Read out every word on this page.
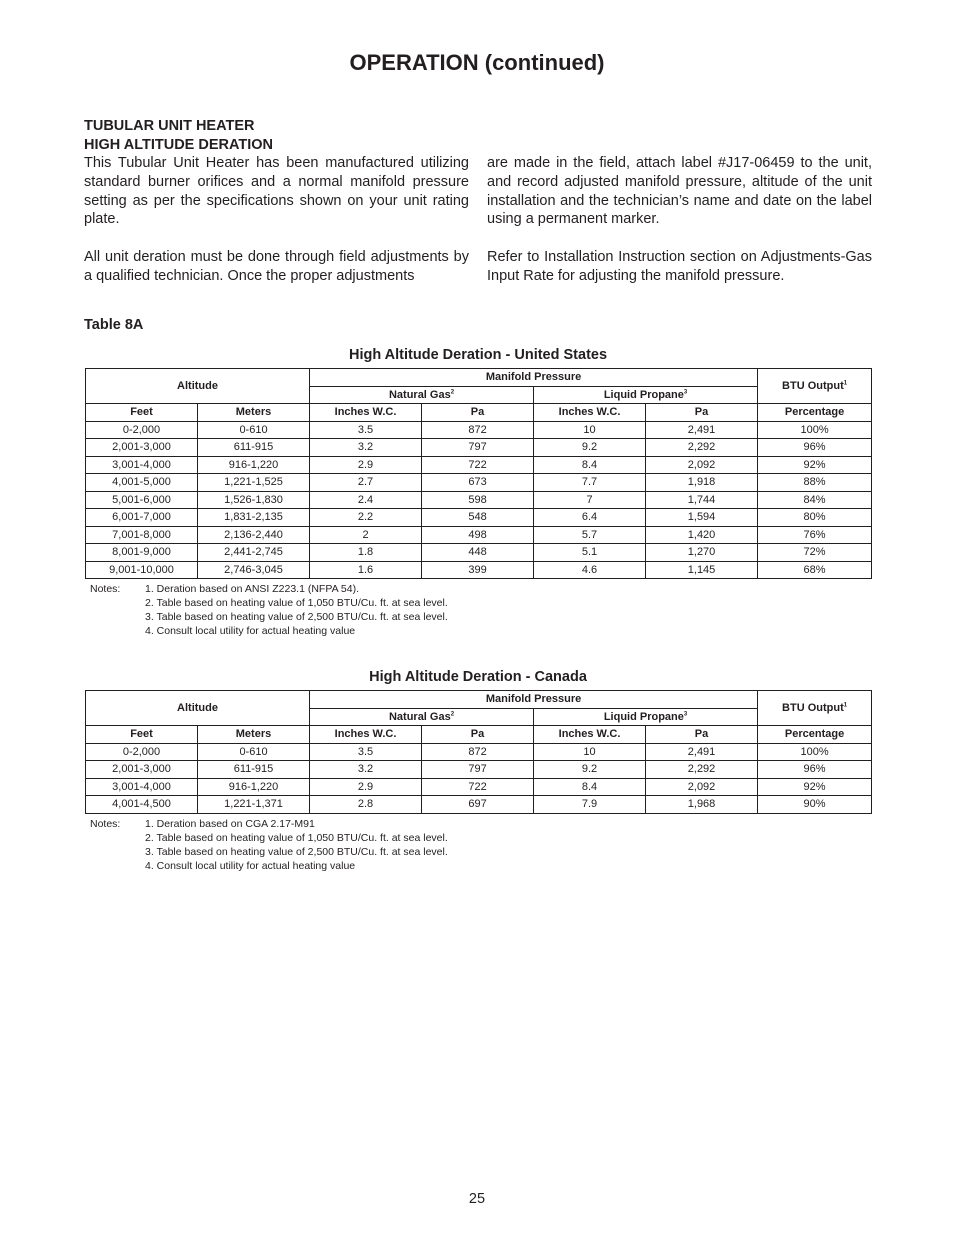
OPERATION (continued)
TUBULAR UNIT HEATER
HIGH ALTITUDE DERATION

This Tubular Unit Heater has been manufactured utilizing standard burner orifices and a normal manifold pressure setting as per the specifications shown on your unit rating plate.

All unit deration must be done through field adjustments by a qualified technician. Once the proper adjustments

are made in the field, attach label #J17-06459 to the unit, and record adjusted manifold pressure, altitude of the unit installation and the technician’s name and date on the label using a permanent marker.

Refer to Installation Instruction section on Adjustments-Gas Input Rate for adjusting the manifold pressure.

Table 8A
High Altitude Deration - United States
Altitude		Manifold Pressure				BTU Output$^1$
		Natural Gas$^2$		Liquid Propane$^3$
Feet	Meters	Inches W.C.	Pa	Inches W.C.	Pa	Percentage
0-2,000	0-610	3.5	872	10	2,491	100%
2,001-3,000	611-915	3.2	797	9.2	2,292	96%
3,001-4,000	916-1,220	2.9	722	8.4	2,092	92%
4,001-5,000	1,221-1,525	2.7	673	7.7	1,918	88%
5,001-6,000	1,526-1,830	2.4	598	7	1,744	84%
6,001-7,000	1,831-2,135	2.2	548	6.4	1,594	80%
7,001-8,000	2,136-2,440	2	498	5.7	1,420	76%
8,001-9,000	2,441-2,745	1.8	448	5.1	1,270	72%
9,001-10,000	2,746-3,045	1.6	399	4.6	1,145	68%
Notes: 1. Deration based on ANSI Z223.1 (NFPA 54).
2. Table based on heating value of 1,050 BTU/Cu. ft. at sea level.
3. Table based on heating value of 2,500 BTU/Cu. ft. at sea level.
4. Consult local utility for actual heating value
High Altitude Deration - Canada
Altitude		Manifold Pressure				BTU Output$^1$
		Natural Gas$^2$		Liquid Propane$^3$
Feet	Meters	Inches W.C.	Pa	Inches W.C.	Pa	Percentage
0-2,000	0-610	3.5	872	10	2,491	100%
2,001-3,000	611-915	3.2	797	9.2	2,292	96%
3,001-4,000	916-1,220	2.9	722	8.4	2,092	92%
4,001-4,500	1,221-1,371	2.8	697	7.9	1,968	90%
Notes: 1. Deration based on CGA 2.17-M91
2. Table based on heating value of 1,050 BTU/Cu. ft. at sea level.
3. Table based on heating value of 2,500 BTU/Cu. ft. at sea level.
4. Consult local utility for actual heating value
25
